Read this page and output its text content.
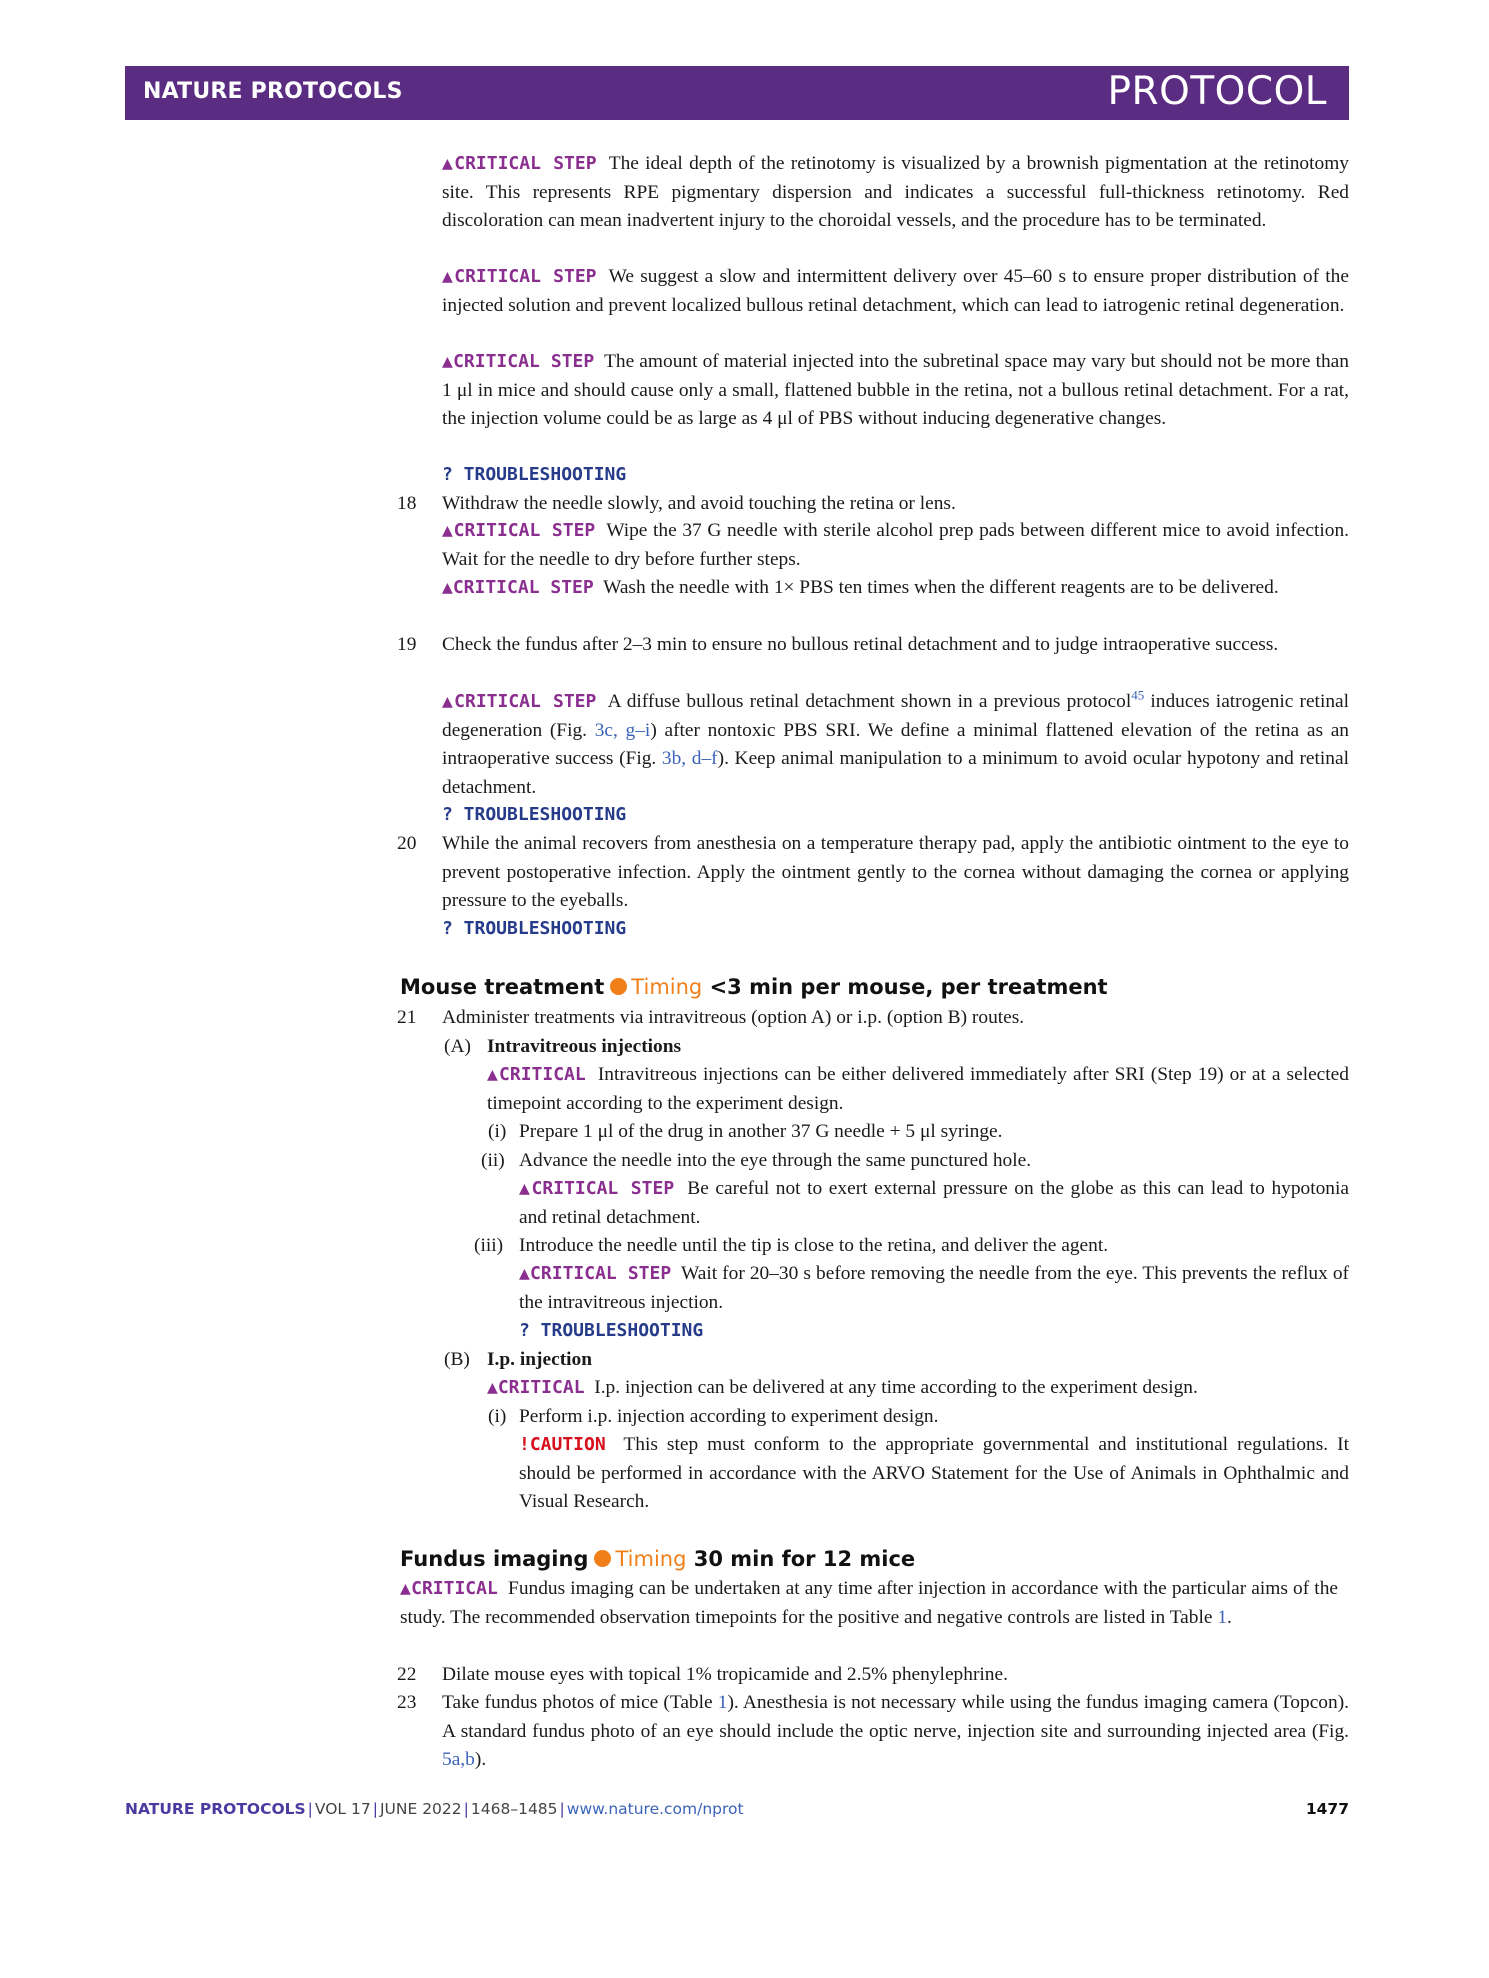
NATURE PROTOCOLS	PROTOCOL

▲CRITICAL STEP The ideal depth of the retinotomy is visualized by a brownish pigmentation at the retinotomy site. This represents RPE pigmentary dispersion and indicates a successful full-thickness retinotomy. Red discoloration can mean inadvertent injury to the choroidal vessels, and the procedure has to be terminated.

▲CRITICAL STEP We suggest a slow and intermittent delivery over 45–60 s to ensure proper distribution of the injected solution and prevent localized bullous retinal detachment, which can lead to iatrogenic retinal degeneration.

▲CRITICAL STEP The amount of material injected into the subretinal space may vary but should not be more than 1 μl in mice and should cause only a small, flattened bubble in the retina, not a bullous retinal detachment. For a rat, the injection volume could be as large as 4 μl of PBS without inducing degenerative changes.

? TROUBLESHOOTING

18 Withdraw the needle slowly, and avoid touching the retina or lens.

▲CRITICAL STEP Wipe the 37 G needle with sterile alcohol prep pads between different mice to avoid infection. Wait for the needle to dry before further steps.

▲CRITICAL STEP Wash the needle with 1× PBS ten times when the different reagents are to be delivered.

19 Check the fundus after 2–3 min to ensure no bullous retinal detachment and to judge intraoperative success.

▲CRITICAL STEP A diffuse bullous retinal detachment shown in a previous protocol$^{45}$ induces iatrogenic retinal degeneration (Fig. 3c, g–i) after nontoxic PBS SRI. We define a minimal flattened elevation of the retina as an intraoperative success (Fig. 3b, d–f). Keep animal manipulation to a minimum to avoid ocular hypotony and retinal detachment.

? TROUBLESHOOTING

20 While the animal recovers from anesthesia on a temperature therapy pad, apply the antibiotic ointment to the eye to prevent postoperative infection. Apply the ointment gently to the cornea without damaging the cornea or applying pressure to the eyeballs.

? TROUBLESHOOTING

Mouse treatment Timing <3 min per mouse, per treatment
21 Administer treatments via intravitreous (option A) or i.p. (option B) routes.

(A) Intravitreous injections

▲CRITICAL Intravitreous injections can be either delivered immediately after SRI (Step 19) or at a selected timepoint according to the experiment design.

(i) Prepare 1 μl of the drug in another 37 G needle + 5 μl syringe.

(ii) Advance the needle into the eye through the same punctured hole.

▲CRITICAL STEP Be careful not to exert external pressure on the globe as this can lead to hypotonia and retinal detachment.

(iii) Introduce the needle until the tip is close to the retina, and deliver the agent.

▲CRITICAL STEP Wait for 20–30 s before removing the needle from the eye. This prevents the reflux of the intravitreous injection.

? TROUBLESHOOTING

(B) I.p. injection

▲CRITICAL I.p. injection can be delivered at any time according to the experiment design.

(i) Perform i.p. injection according to experiment design.

!CAUTION This step must conform to the appropriate governmental and institutional regulations. It should be performed in accordance with the ARVO Statement for the Use of Animals in Ophthalmic and Visual Research.

Fundus imaging Timing 30 min for 12 mice

▲CRITICAL Fundus imaging can be undertaken at any time after injection in accordance with the particular aims of the study. The recommended observation timepoints for the positive and negative controls are listed in Table 1.

22 Dilate mouse eyes with topical 1% tropicamide and 2.5% phenylephrine.

23 Take fundus photos of mice (Table 1). Anesthesia is not necessary while using the fundus imaging camera (Topcon). A standard fundus photo of an eye should include the optic nerve, injection site and surrounding injected area (Fig. 5a,b).

NATURE PROTOCOLS | VOL 17 | JUNE 2022 | 1468–1485 | www.nature.com/nprot	1477
